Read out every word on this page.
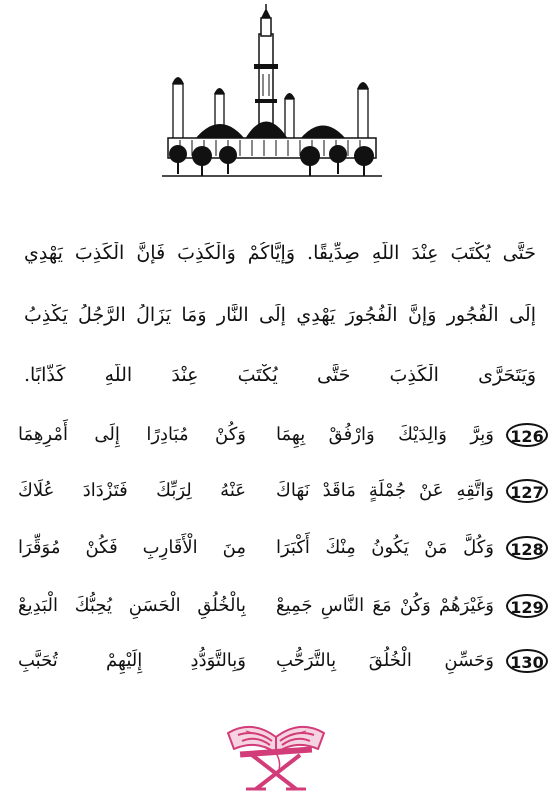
حَتَّى يُكْتَبَ عِنْدَ اللَّهِ صِدِّيقًا. وَإِيَّاكُمْ وَالْكَذِبَ فَإِنَّ الْكَذِبَ يَهْدِي
إِلَى الْفُجُورِ وَإِنَّ الْفُجُورَ يَهْدِي إِلَى النَّارِ وَمَا يَزَالُ الرَّجُلُ يَكْذِبُ
وَيَتَحَرَّى الْكَذِبَ حَتَّى يُكْتَبَ عِنْدَ اللَّهِ كَذَّابًا.
126
وَبِرَّ وَالِدَيْكَ وَارْفُقْ بِهِمَا
وَكُنْ مُبَادِرًا إِلَى أَمْرِهِمَا
127
وَاتَّقِهِ عَنْ جُمْلَةٍ مَاقَدْ نَهَاكَ
عَنْهُ لِرَبِّكَ فَتَزْدَادَ عُلَاكَ
128
وَكُلَّ مَنْ يَكُونُ مِنْكَ أَكْبَرَا
مِنَ الْأَقَارِبِ فَكُنْ مُوَقِّرَا
129
وَغَيْرَهُمْ وَكُنْ مَعَ النَّاسِ جَمِيعْ
بِالْخُلُقِ الْحَسَنِ يُحِبُّكَ الْبَدِيعْ
130
وَحَسِّنِ الْخُلُقَ بِالتَّرَحُّبِ
وَبِالتَّوَدُّدِ إِلَيْهِمْ تُحَبَّبِ
